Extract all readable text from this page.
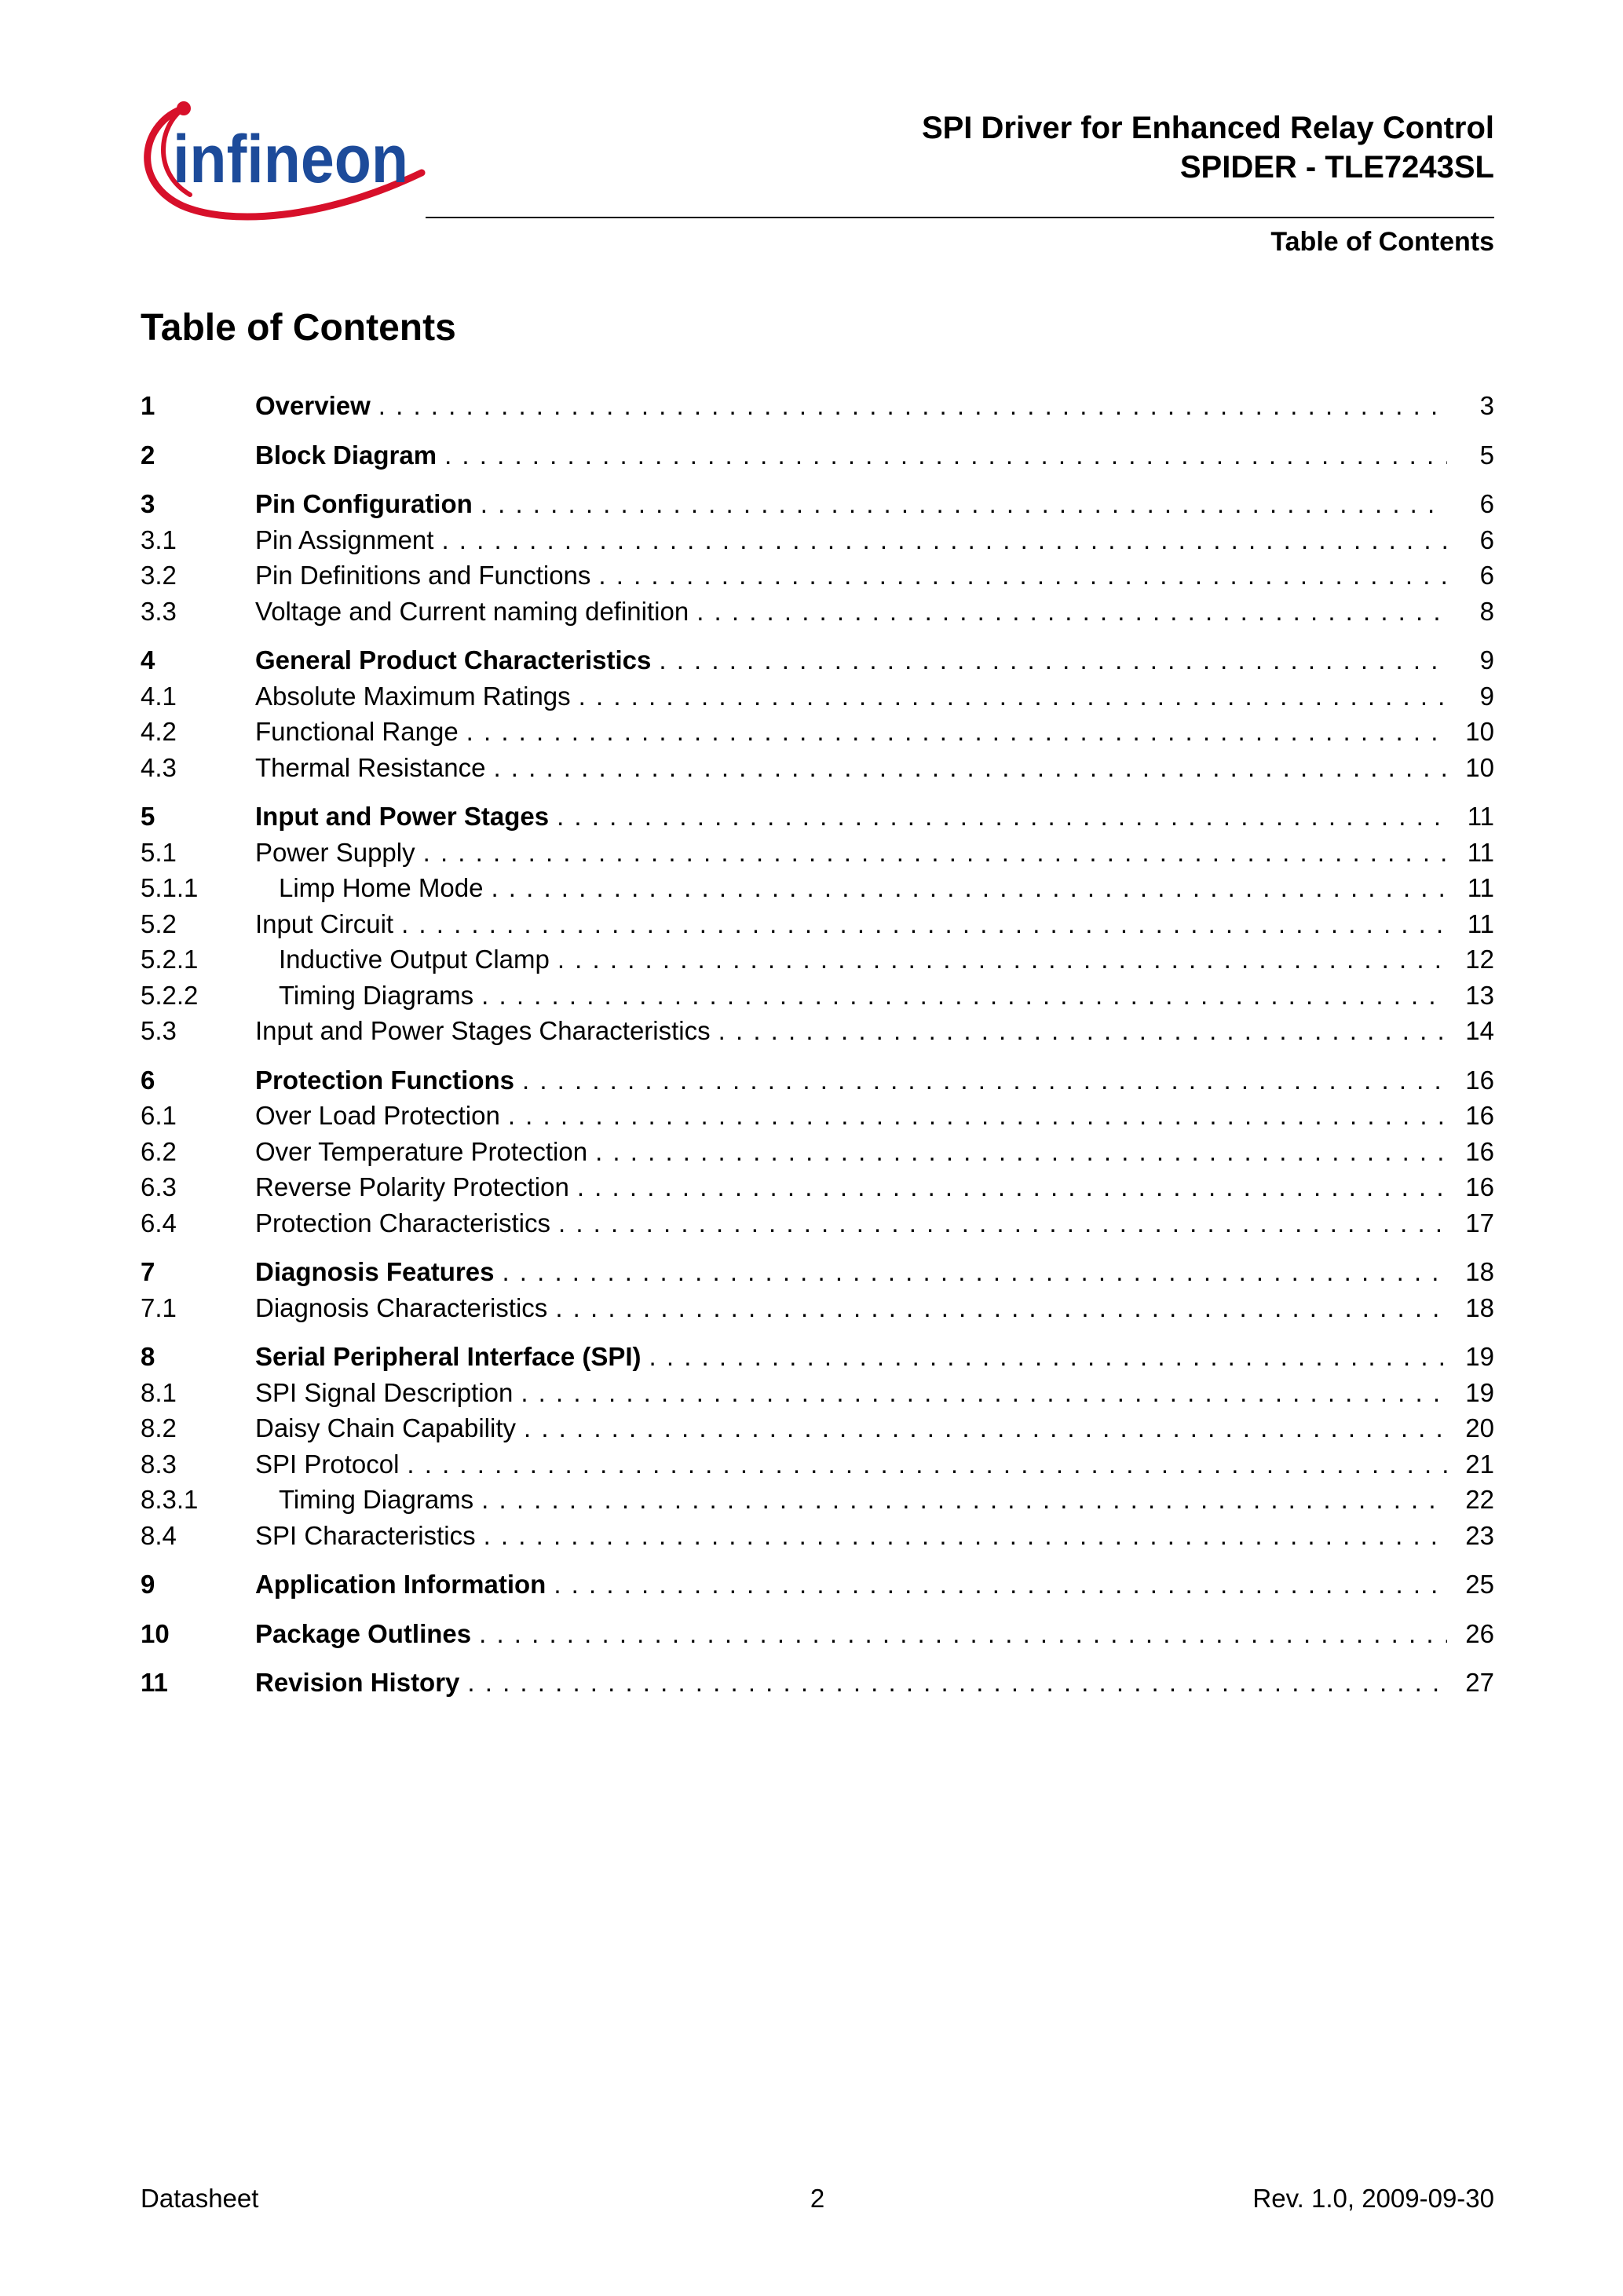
infineon	SPI Driver for Enhanced Relay Control
SPIDER - TLE7243SL
Table of Contents
Table of Contents
1	Overview . . .	3
2	Block Diagram . . .	5
3	Pin Configuration . . .	6
3.1	Pin Assignment . . .	6
3.2	Pin Definitions and Functions . . .	6
3.3	Voltage and Current naming definition . . .	8
4	General Product Characteristics . . .	9
4.1	Absolute Maximum Ratings . . .	9
4.2	Functional Range . . .	10
4.3	Thermal Resistance . . .	10
5	Input and Power Stages . . .	11
5.1	Power Supply . . .	11
5.1.1	Limp Home Mode . . .	11
5.2	Input Circuit . . .	11
5.2.1	Inductive Output Clamp . . .	12
5.2.2	Timing Diagrams . . .	13
5.3	Input and Power Stages Characteristics . . .	14
6	Protection Functions . . .	16
6.1	Over Load Protection . . .	16
6.2	Over Temperature Protection . . .	16
6.3	Reverse Polarity Protection . . .	16
6.4	Protection Characteristics . . .	17
7	Diagnosis Features . . .	18
7.1	Diagnosis Characteristics . . .	18
8	Serial Peripheral Interface (SPI) . . .	19
8.1	SPI Signal Description . . .	19
8.2	Daisy Chain Capability . . .	20
8.3	SPI Protocol . . .	21
8.3.1	Timing Diagrams . . .	22
8.4	SPI Characteristics . . .	23
9	Application Information . . .	25
10	Package Outlines . . .	26
11	Revision History . . .	27
Datasheet	2	Rev. 1.0, 2009-09-30
